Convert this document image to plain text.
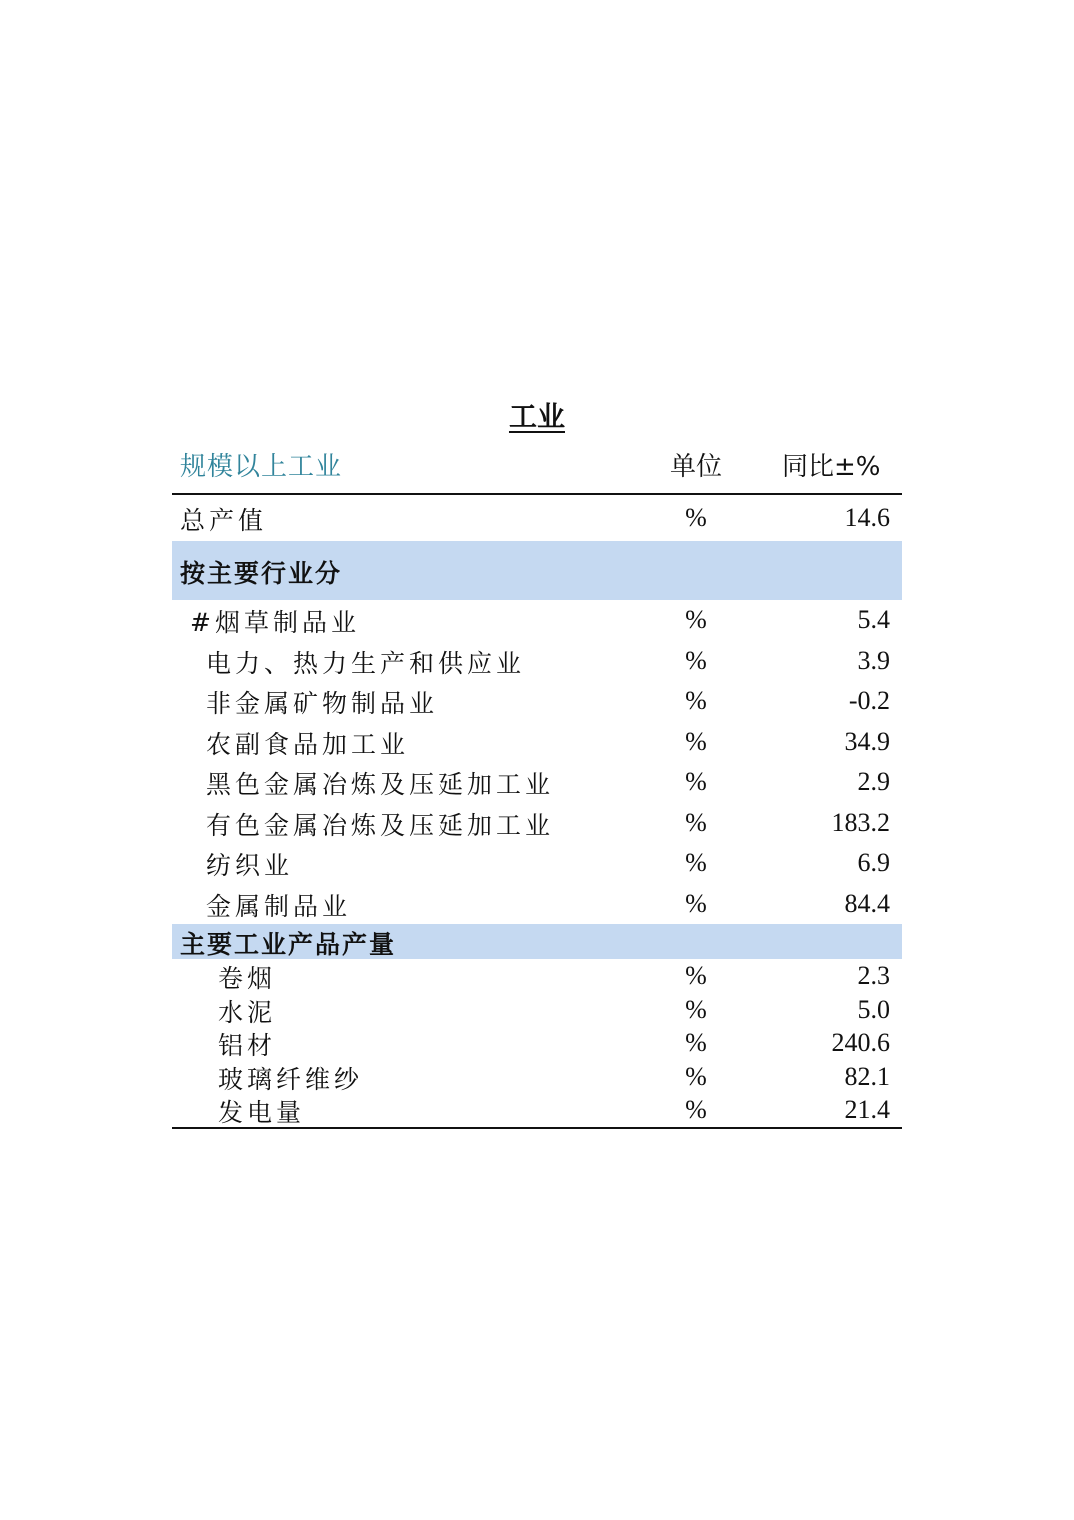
工业
规模以上工业	单位	同比±%
总产值	%	14.6
按主要行业分
#烟草制品业	%	5.4
电力、热力生产和供应业	%	3.9
非金属矿物制品业	%	-0.2
农副食品加工业	%	34.9
黑色金属冶炼及压延加工业	%	2.9
有色金属冶炼及压延加工业	%	183.2
纺织业	%	6.9
金属制品业	%	84.4
主要工业产品产量
卷烟	%	2.3
水泥	%	5.0
铝材	%	240.6
玻璃纤维纱	%	82.1
发电量	%	21.4
